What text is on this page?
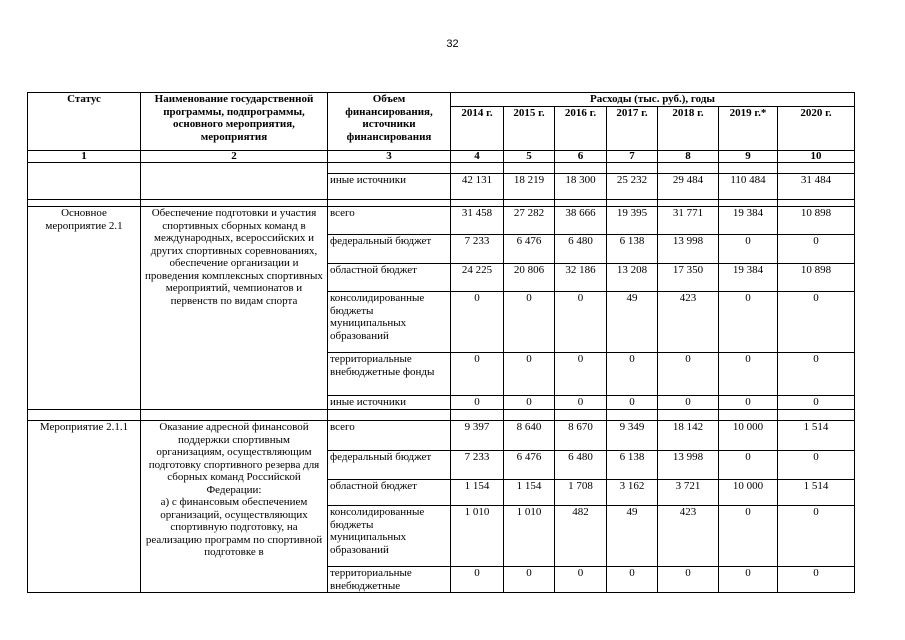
32
Статус	Наименование государственной программы, подпрограммы, основного мероприятия, мероприятия	Объем финансирования, источники финансирования	Расходы (тыс. руб.), годы						
			2014 г.	2015 г.	2016 г.	2017 г.	2018 г.	2019 г.*	2020 г.
1	2	3	4	5	6	7	8	9	10

		иные источники	42 131	18 219	18 300	25 232	29 484	110 484	31 484

Основное мероприятие 2.1	Обеспечение подготовки и участия спортивных сборных команд в международных, всероссийских и других спортивных соревнованиях, обеспечение организации и проведения комплексных спортивных мероприятий, чемпионатов и первенств по видам спорта	всего	31 458	27 282	38 666	19 395	31 771	19 384	10 898
		федеральный бюджет	7 233	6 476	6 480	6 138	13 998	0	0
		областной бюджет	24 225	20 806	32 186	13 208	17 350	19 384	10 898
		консолидированные бюджеты муниципальных образований	0	0	0	49	423	0	0
		территориальные внебюджетные фонды	0	0	0	0	0	0	0
		иные источники	0	0	0	0	0	0	0

Мероприятие 2.1.1	Оказание адресной финансовой поддержки спортивным организациям, осуществляющим подготовку спортивного резерва для сборных команд Российской Федерации:
а) с финансовым обеспечением организаций, осуществляющих спортивную подготовку, на реализацию программ по спортивной подготовке в	всего	9 397	8 640	8 670	9 349	18 142	10 000	1 514
		федеральный бюджет	7 233	6 476	6 480	6 138	13 998	0	0
		областной бюджет	1 154	1 154	1 708	3 162	3 721	10 000	1 514
		консолидированные бюджеты муниципальных образований	1 010	1 010	482	49	423	0	0
		территориальные внебюджетные	0	0	0	0	0	0	0
